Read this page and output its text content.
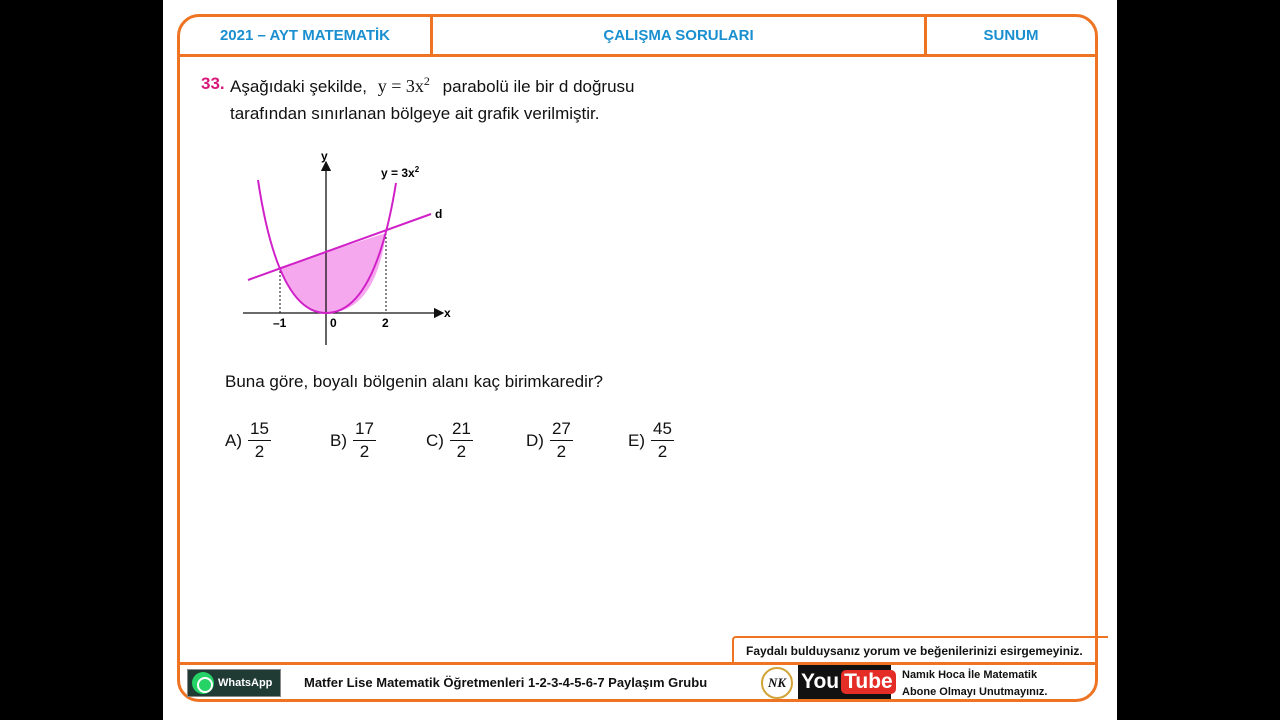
2021 – AYT MATEMATİK	ÇALIŞMA SORULARI	SUNUM
Faydalı bulduysanız yorum ve beğenilerinizi esirgemeyiniz.
33. Aşağıdaki şekilde, $y = 3x^2$ parabolü ile bir d doğrusu
tarafından sınırlanan bölgeye ait grafik verilmiştir.
y
x
$y = 3x^2$
d
–1	0	2
Buna göre, boyalı bölgenin alanı kaç birimkaredir?
$A) \frac{15}{2}$	$B) \frac{17}{2}$	$C) \frac{21}{2}$	$D) \frac{27}{2}$	$E) \frac{45}{2}$
WhatsApp Matfer Lise Matematik Öğretmenleri 1-2-3-4-5-6-7 Paylaşım Grubu	NK You Tube Namık Hoca İle Matematik
Abone Olmayı Unutmayınız.
